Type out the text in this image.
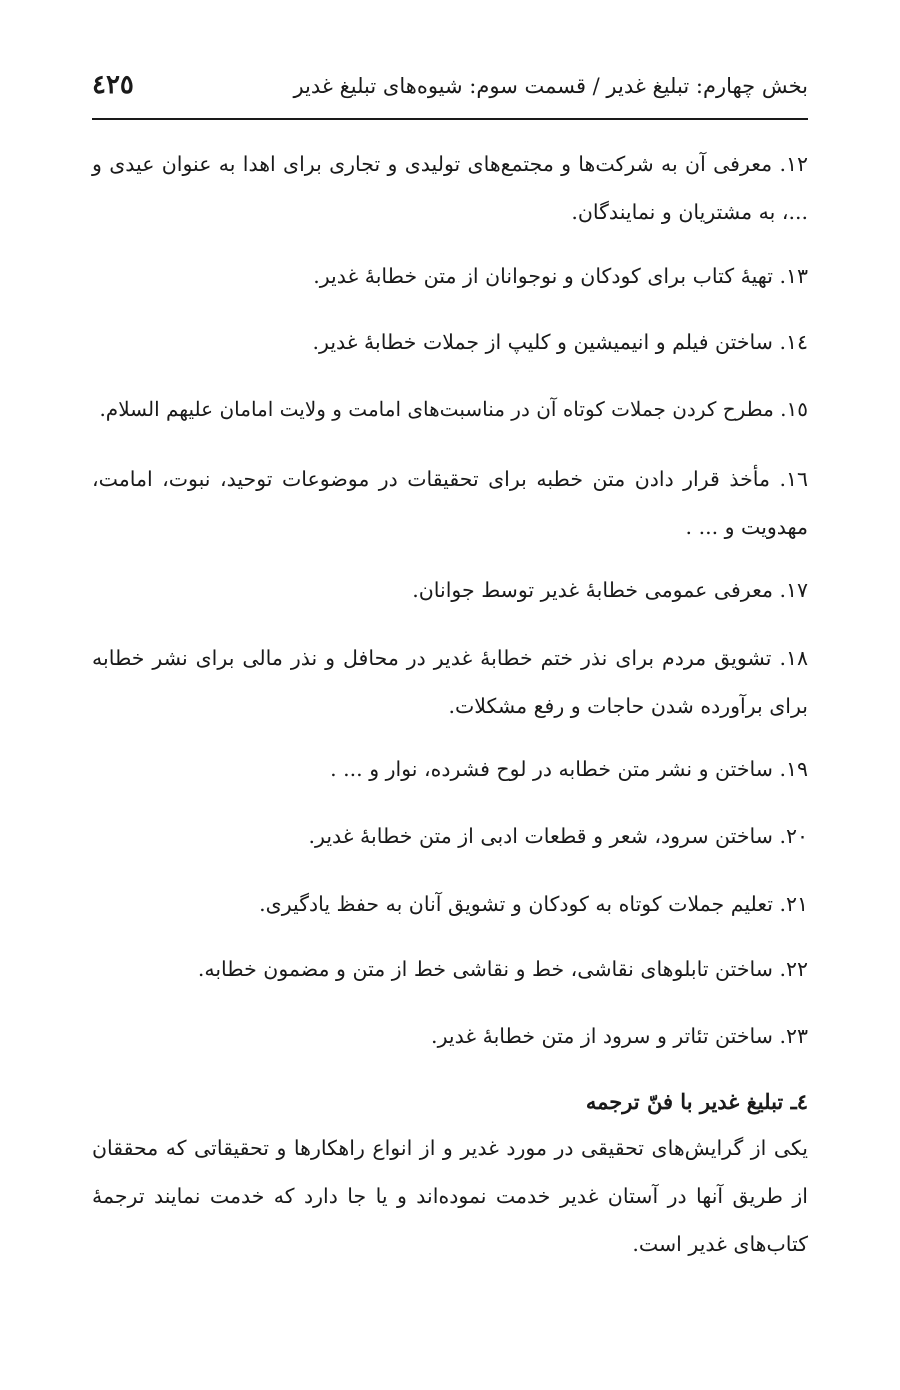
بخش چهارم: تبلیغ غدیر / قسمت سوم: شیوه‌های تبلیغ غدیر
٤٢٥
١٢. معرفی آن به شرکت‌ها و مجتمع‌های تولیدی و تجاری برای اهدا به عنوان عیدی و ...، به مشتریان و نمایندگان.
١٣. تهیهٔ کتاب برای کودکان و نوجوانان از متن خطابهٔ غدیر.
١٤. ساختن فیلم و انیمیشین و کلیپ از جملات خطابهٔ غدیر.
١٥. مطرح کردن جملات کوتاه آن در مناسبت‌های امامت و ولایت امامان علیهم السلام.
١٦. مأخذ قرار دادن متن خطبه برای تحقیقات در موضوعات توحید، نبوت، امامت، مهدویت و ... .
١٧. معرفی عمومی خطابهٔ غدیر توسط جوانان.
١٨. تشویق مردم برای نذر ختم خطابهٔ غدیر در محافل و نذر مالی برای نشر خطابه برای برآورده شدن حاجات و رفع مشکلات.
١٩. ساختن و نشر متن خطابه در لوح فشرده، نوار و ... .
٢٠. ساختن سرود، شعر و قطعات ادبی از متن خطابهٔ غدیر.
٢١. تعلیم جملات کوتاه به کودکان و تشویق آنان به حفظ یادگیری.
٢٢. ساختن تابلوهای نقاشی، خط و نقاشی خط از متن و مضمون خطابه.
٢٣. ساختن تئاتر و سرود از متن خطابهٔ غدیر.
٤ـ تبلیغ غدیر با فنّ ترجمه
یکی از گرایش‌های تحقیقی در مورد غدیر و از انواع راهکارها و تحقیقاتی که محققان از طریق آنها در آستان غدیر خدمت نموده‌اند و یا جا دارد که خدمت نمایند ترجمهٔ کتاب‌های غدیر است.
